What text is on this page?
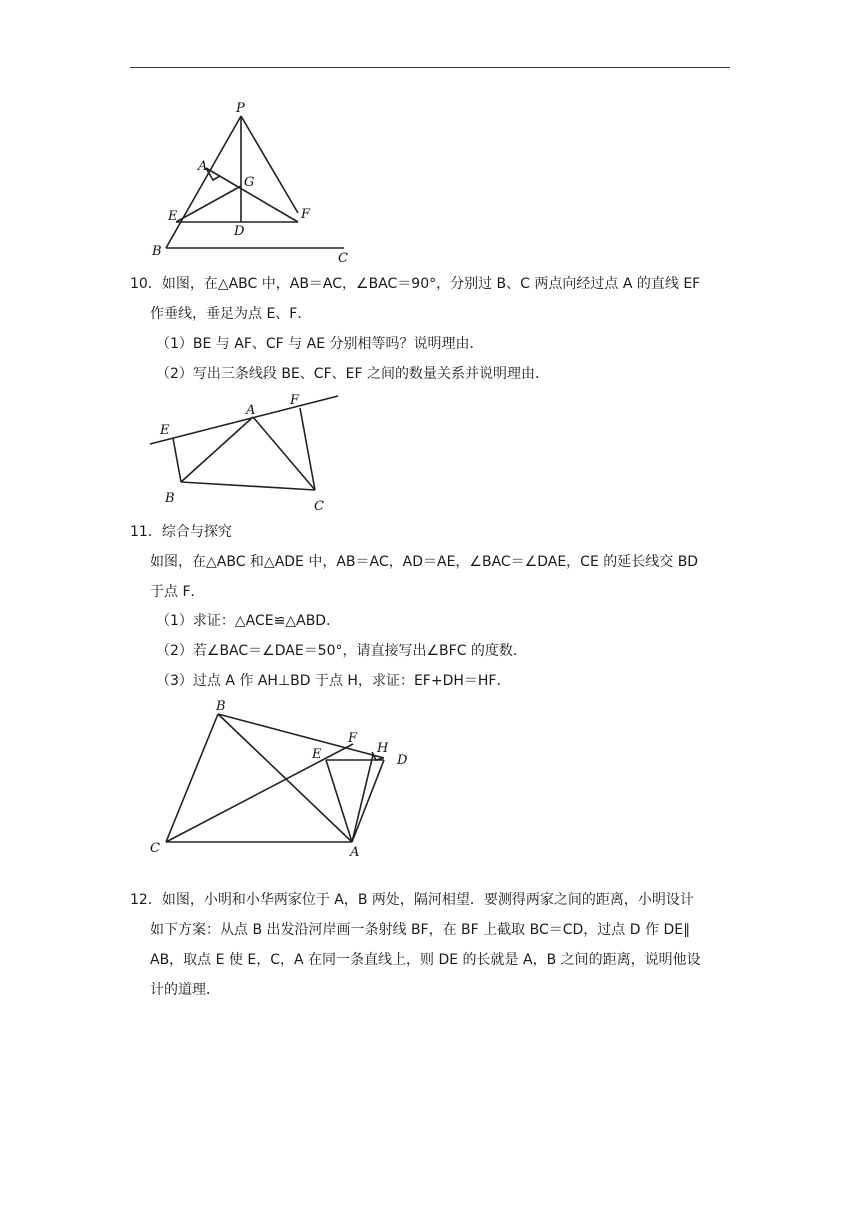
P
A
G
E	F
D
B	C
10．如图，在△ABC 中，AB＝AC，∠BAC＝90°，分别过 B、C 两点向经过点 A 的直线 EF
作垂线，垂足为点 E、F．
（1）BE 与 AF、CF 与 AE 分别相等吗？说明理由．
（2）写出三条线段 BE、CF、EF 之间的数量关系并说明理由．
E
A
F
B
C
11．综合与探究
如图，在△ABC 和△ADE 中，AB＝AC，AD＝AE，∠BAC＝∠DAE，CE 的延长线交 BD
于点 F．
（1）求证：△ACE≌△ABD．
（2）若∠BAC＝∠DAE＝50°，请直接写出∠BFC 的度数．
（3）过点 A 作 AH⊥BD 于点 H，求证：EF+DH＝HF．
B
F
H
E	D
C	A
12．如图，小明和小华两家位于 A，B 两处，隔河相望．要测得两家之间的距离，小明设计
如下方案：从点 B 出发沿河岸画一条射线 BF，在 BF 上截取 BC＝CD，过点 D 作 DE∥
AB，取点 E 使 E，C，A 在同一条直线上，则 DE 的长就是 A，B 之间的距离，说明他设
计的道理．
